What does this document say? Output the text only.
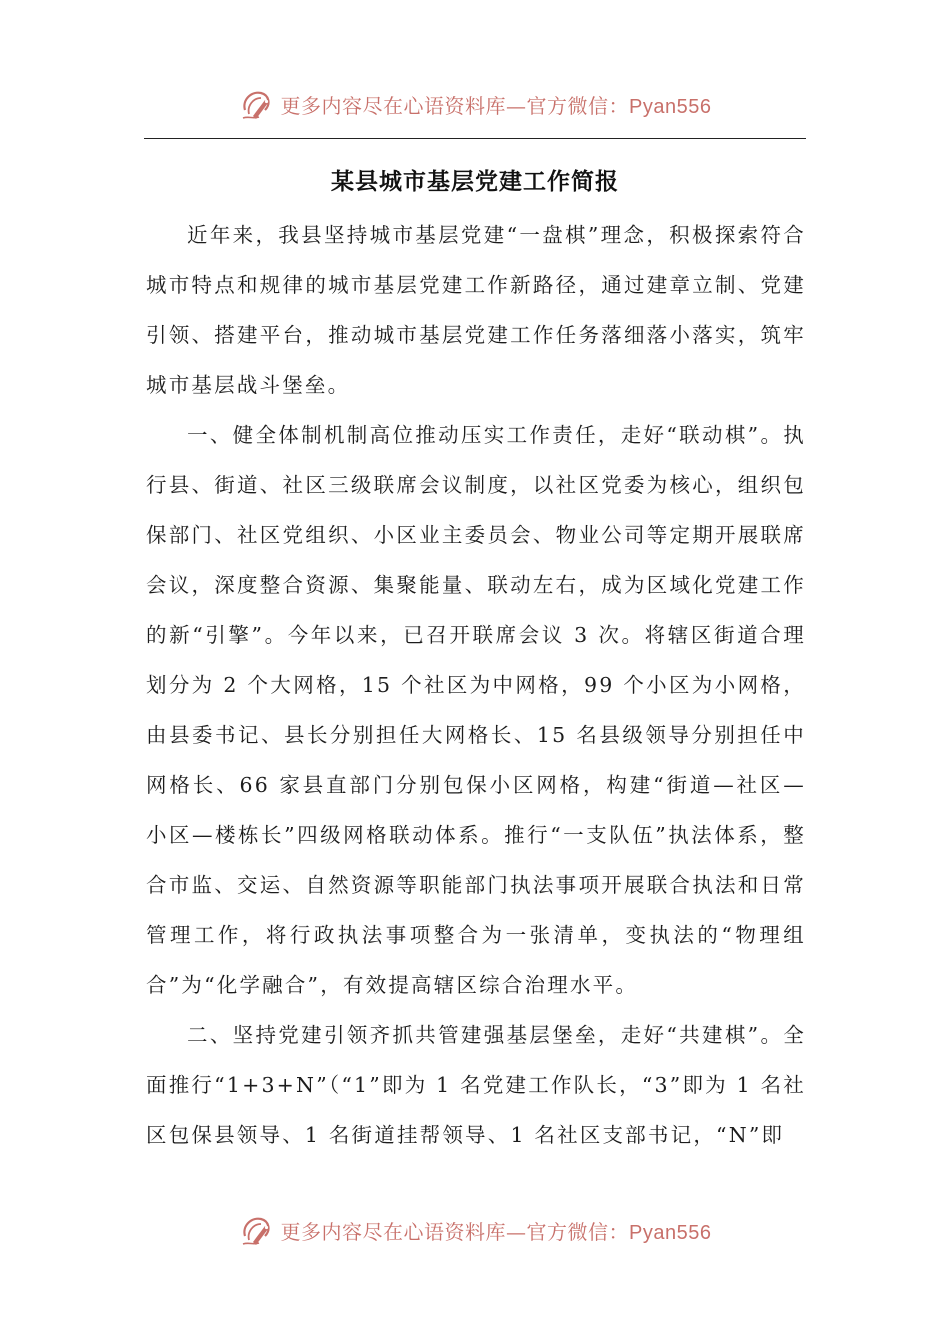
更多内容尽在心语资料库—官方微信：Pyan556
某县城市基层党建工作简报

近年来，我县坚持城市基层党建“一盘棋”理念，积极探索符合城市特点和规律的城市基层党建工作新路径，通过建章立制、党建引领、搭建平台，推动城市基层党建工作任务落细落小落实，筑牢城市基层战斗堡垒。

一、健全体制机制高位推动压实工作责任，走好“联动棋”。执行县、街道、社区三级联席会议制度，以社区党委为核心，组织包保部门、社区党组织、小区业主委员会、物业公司等定期开展联席会议，深度整合资源、集聚能量、联动左右，成为区域化党建工作的新“引擎”。今年以来，已召开联席会议 3 次。将辖区街道合理划分为 2 个大网格，15 个社区为中网格，99 个小区为小网格，由县委书记、县长分别担任大网格长、15 名县级领导分别担任中网格长、66 家县直部门分别包保小区网格，构建“街道—社区—小区—楼栋长”四级网格联动体系。推行“一支队伍”执法体系，整合市监、交运、自然资源等职能部门执法事项开展联合执法和日常管理工作，将行政执法事项整合为一张清单，变执法的“物理组合”为“化学融合”，有效提高辖区综合治理水平。

二、坚持党建引领齐抓共管建强基层堡垒，走好“共建棋”。全面推行“1+3+N”（“1”即为 1 名党建工作队长，“3”即为 1 名社区包保县领导、1 名街道挂帮领导、1 名社区支部书记，“N”即

更多内容尽在心语资料库—官方微信：Pyan556
